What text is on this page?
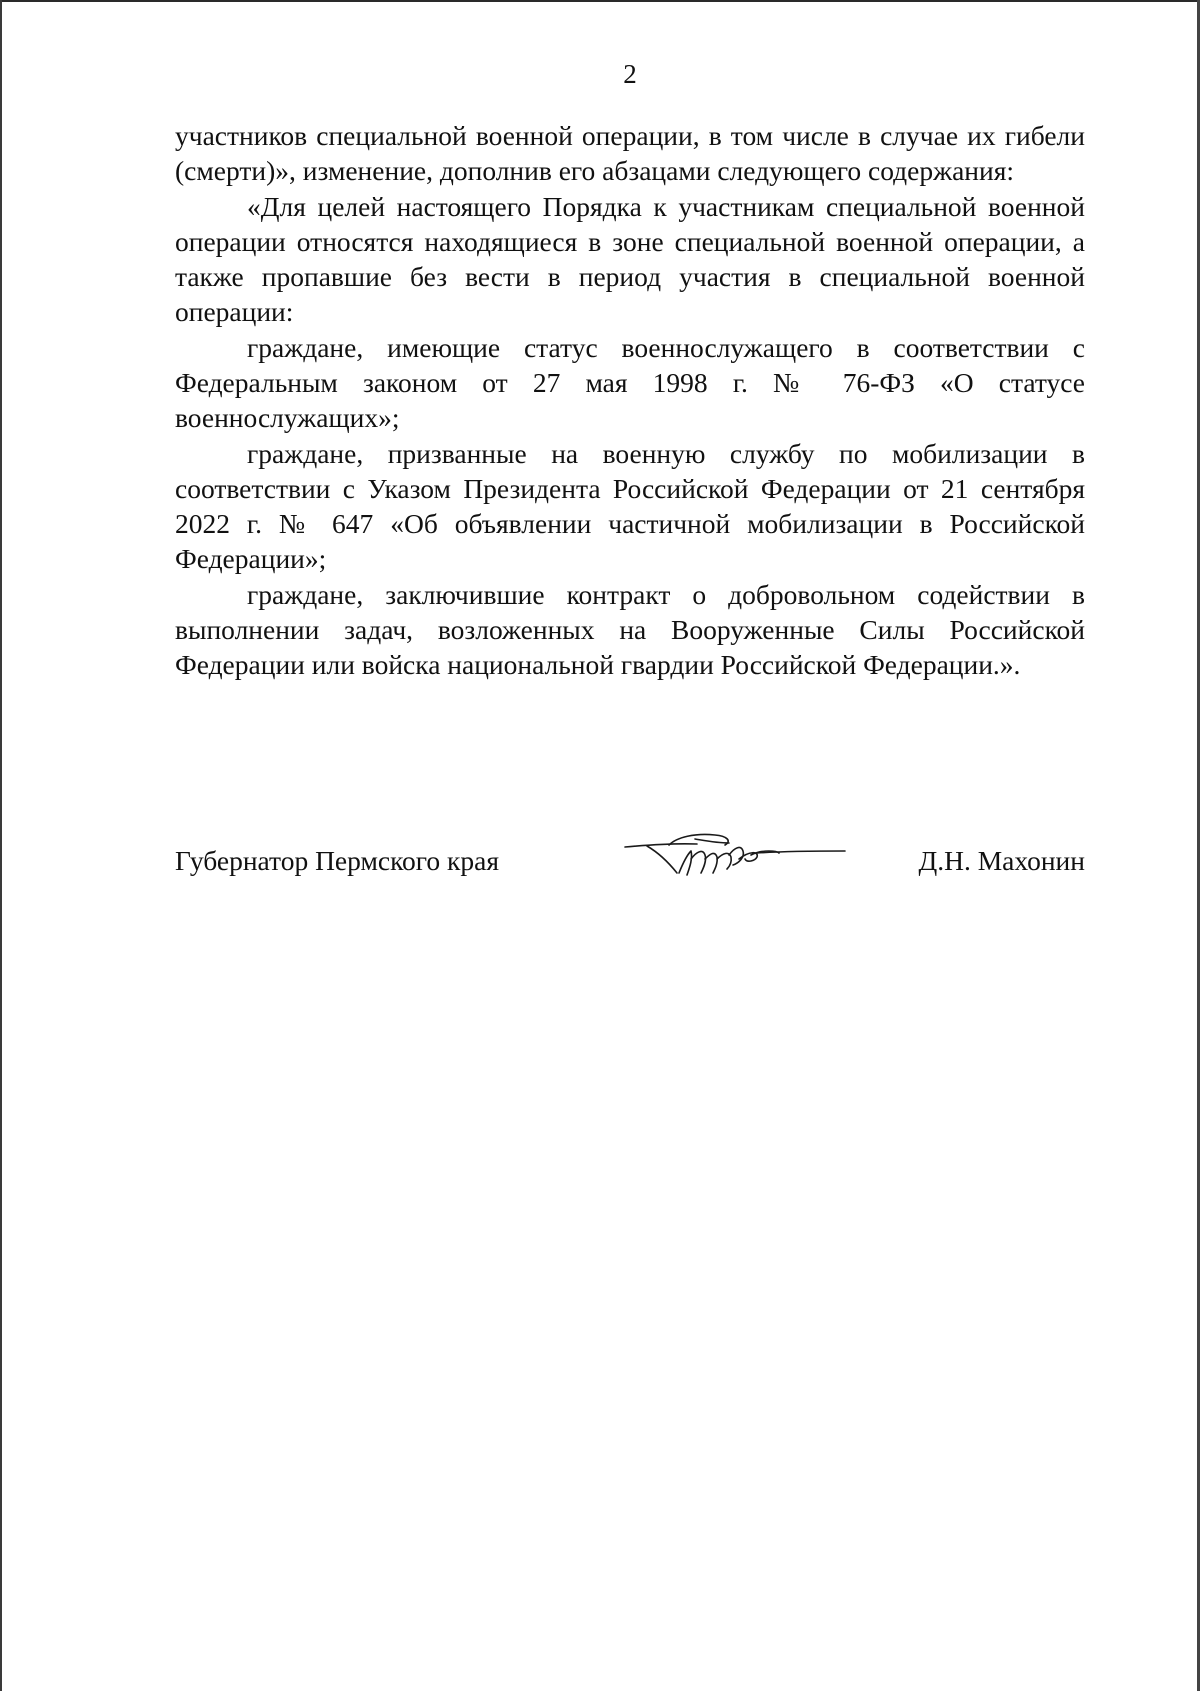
2

участников специальной военной операции, в том числе в случае их гибели (смерти)», изменение, дополнив его абзацами следующего содержания:

«Для целей настоящего Порядка к участникам специальной военной операции относятся находящиеся в зоне специальной военной операции, а также пропавшие без вести в период участия в специальной военной операции:

граждане, имеющие статус военнослужащего в соответствии с Федеральным законом от 27 мая 1998 г. № 76-ФЗ «О статусе военнослужащих»;

граждане, призванные на военную службу по мобилизации в соответствии с Указом Президента Российской Федерации от 21 сентября 2022 г. № 647 «Об объявлении частичной мобилизации в Российской Федерации»;

граждане, заключившие контракт о добровольном содействии в выполнении задач, возложенных на Вооруженные Силы Российской Федерации или войска национальной гвардии Российской Федерации.».

Губернатор Пермского края	Д.Н. Махонин
